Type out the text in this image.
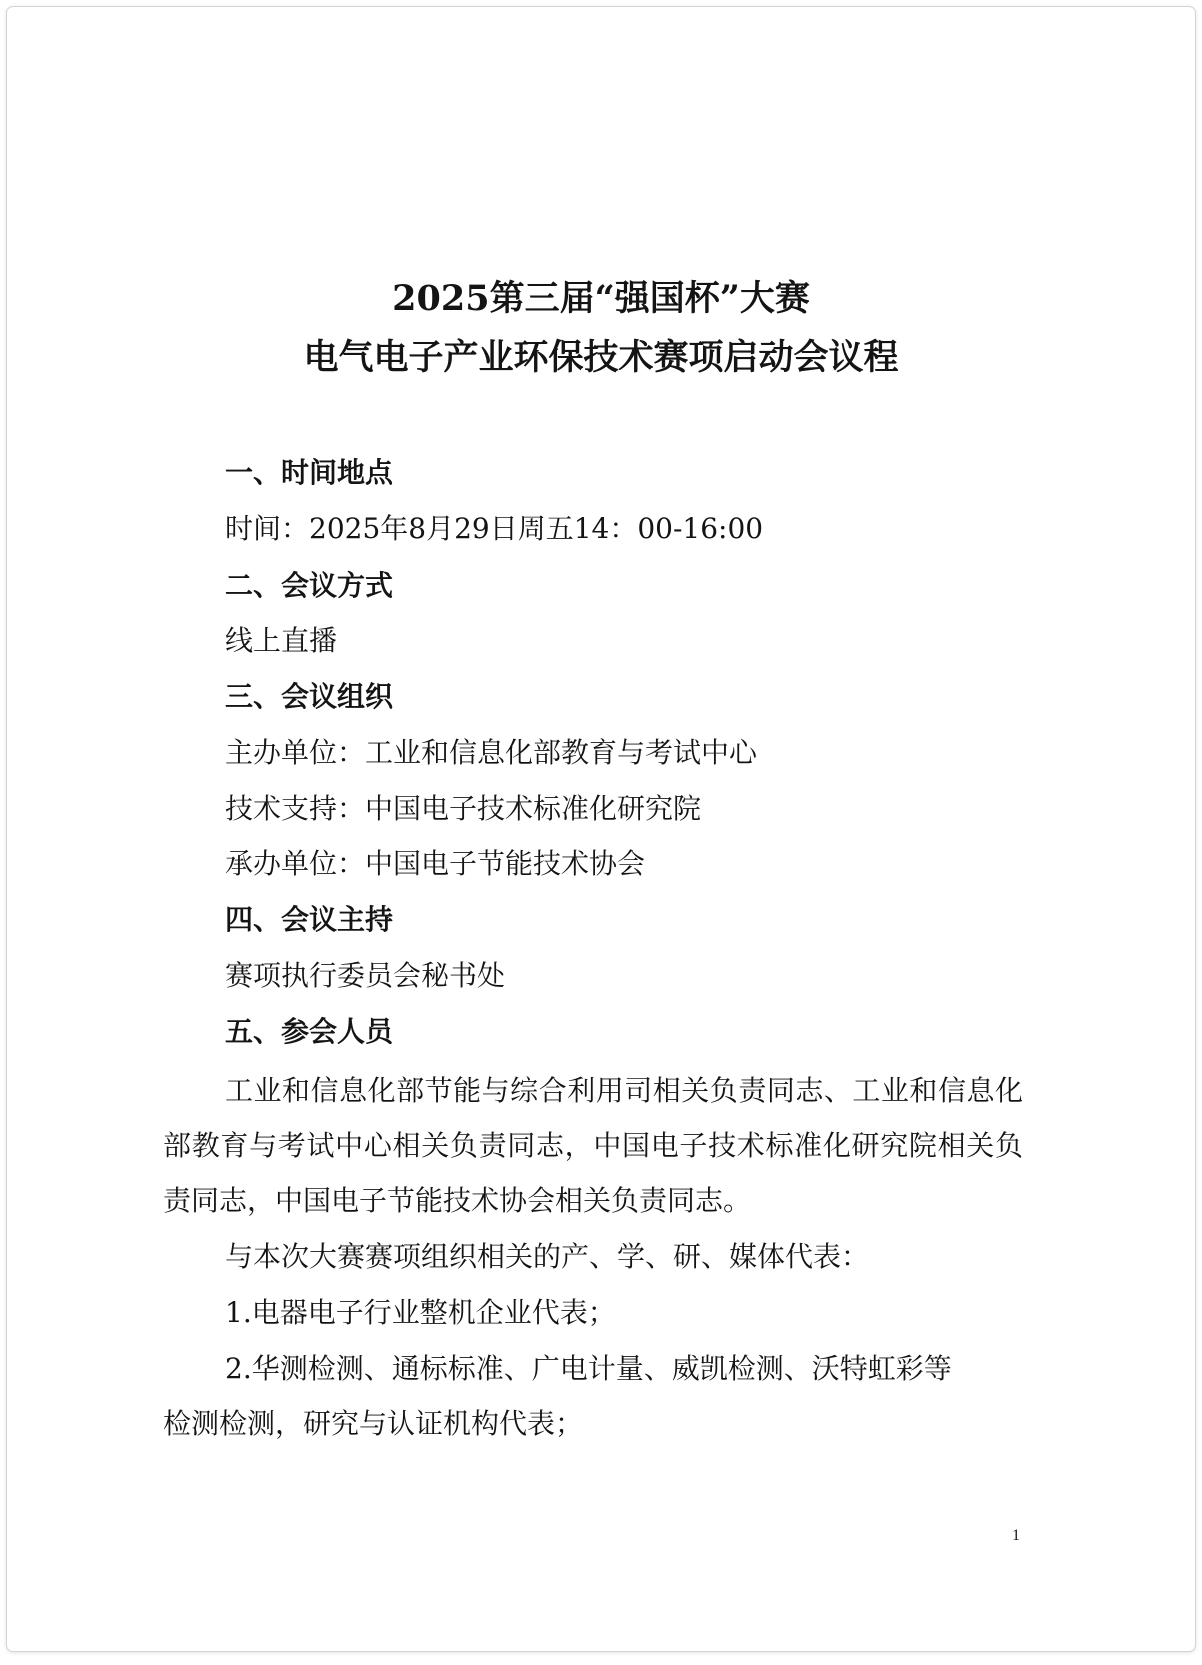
2025第三届“强国杯”大赛
电气电子产业环保技术赛项启动会议程
一、时间地点
时间：2025年8月29日周五14：00-16:00
二、会议方式
线上直播
三、会议组织
主办单位：工业和信息化部教育与考试中心
技术支持：中国电子技术标准化研究院
承办单位：中国电子节能技术协会
四、会议主持
赛项执行委员会秘书处
五、参会人员
工业和信息化部节能与综合利用司相关负责同志、工业和信息化部教育与考试中心相关负责同志，中国电子技术标准化研究院相关负责同志，中国电子节能技术协会相关负责同志。
与本次大赛赛项组织相关的产、学、研、媒体代表：
1.电器电子行业整机企业代表；
2.华测检测、通标标准、广电计量、威凯检测、沃特虹彩等
检测检测，研究与认证机构代表；
1
